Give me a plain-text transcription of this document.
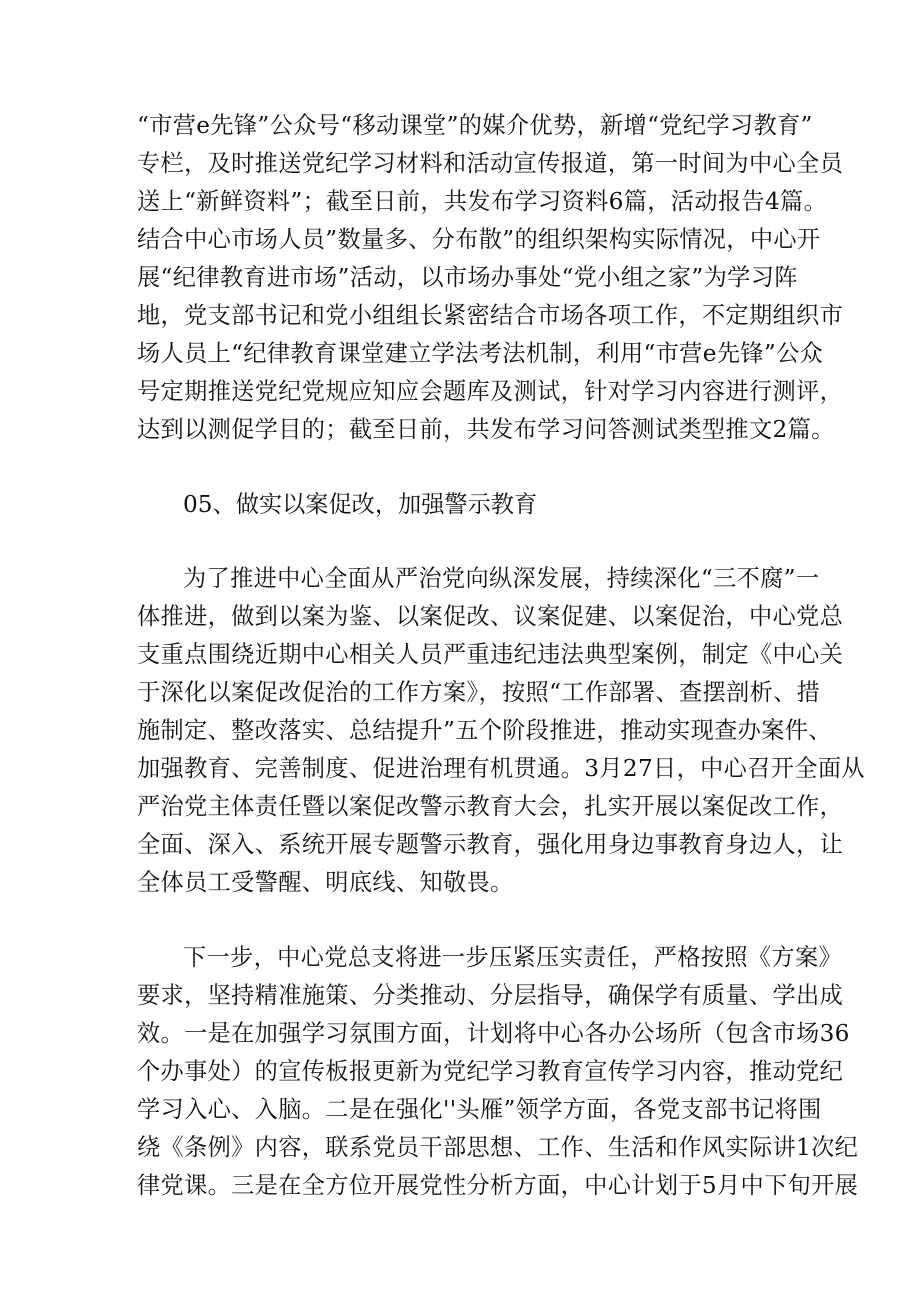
“市营e先锋”公众号“移动课堂”的媒介优势，新增“党纪学习教育”
专栏，及时推送党纪学习材料和活动宣传报道，第一时间为中心全员
送上“新鲜资料”；截至日前，共发布学习资料6篇，活动报告4篇。
结合中心市场人员”数量多、分布散”的组织架构实际情况，中心开
展“纪律教育进市场”活动，以市场办事处“党小组之家”为学习阵
地，党支部书记和党小组组长紧密结合市场各项工作，不定期组织市
场人员上“纪律教育课堂建立学法考法机制，利用“市营e先锋”公众
号定期推送党纪党规应知应会题库及测试，针对学习内容进行测评，
达到以测促学目的；截至日前，共发布学习问答测试类型推文2篇。
05、做实以案促改，加强警示教育
为了推进中心全面从严治党向纵深发展，持续深化“三不腐”一
体推进，做到以案为鉴、以案促改、议案促建、以案促治，中心党总
支重点围绕近期中心相关人员严重违纪违法典型案例，制定《中心关
于深化以案促改促治的工作方案》，按照“工作部署、查摆剖析、措
施制定、整改落实、总结提升”五个阶段推进，推动实现查办案件、
加强教育、完善制度、促进治理有机贯通。3月27日，中心召开全面从
严治党主体责任暨以案促改警示教育大会，扎实开展以案促改工作，
全面、深入、系统开展专题警示教育，强化用身边事教育身边人，让
全体员工受警醒、明底线、知敬畏。
下一步，中心党总支将进一步压紧压实责任，严格按照《方案》
要求，坚持精准施策、分类推动、分层指导，确保学有质量、学出成
效。一是在加强学习氛围方面，计划将中心各办公场所（包含市场36
个办事处）的宣传板报更新为党纪学习教育宣传学习内容，推动党纪
学习入心、入脑。二是在强化''头雁”领学方面，各党支部书记将围
绕《条例》内容，联系党员干部思想、工作、生活和作风实际讲1次纪
律党课。三是在全方位开展党性分析方面，中心计划于5月中下旬开展
